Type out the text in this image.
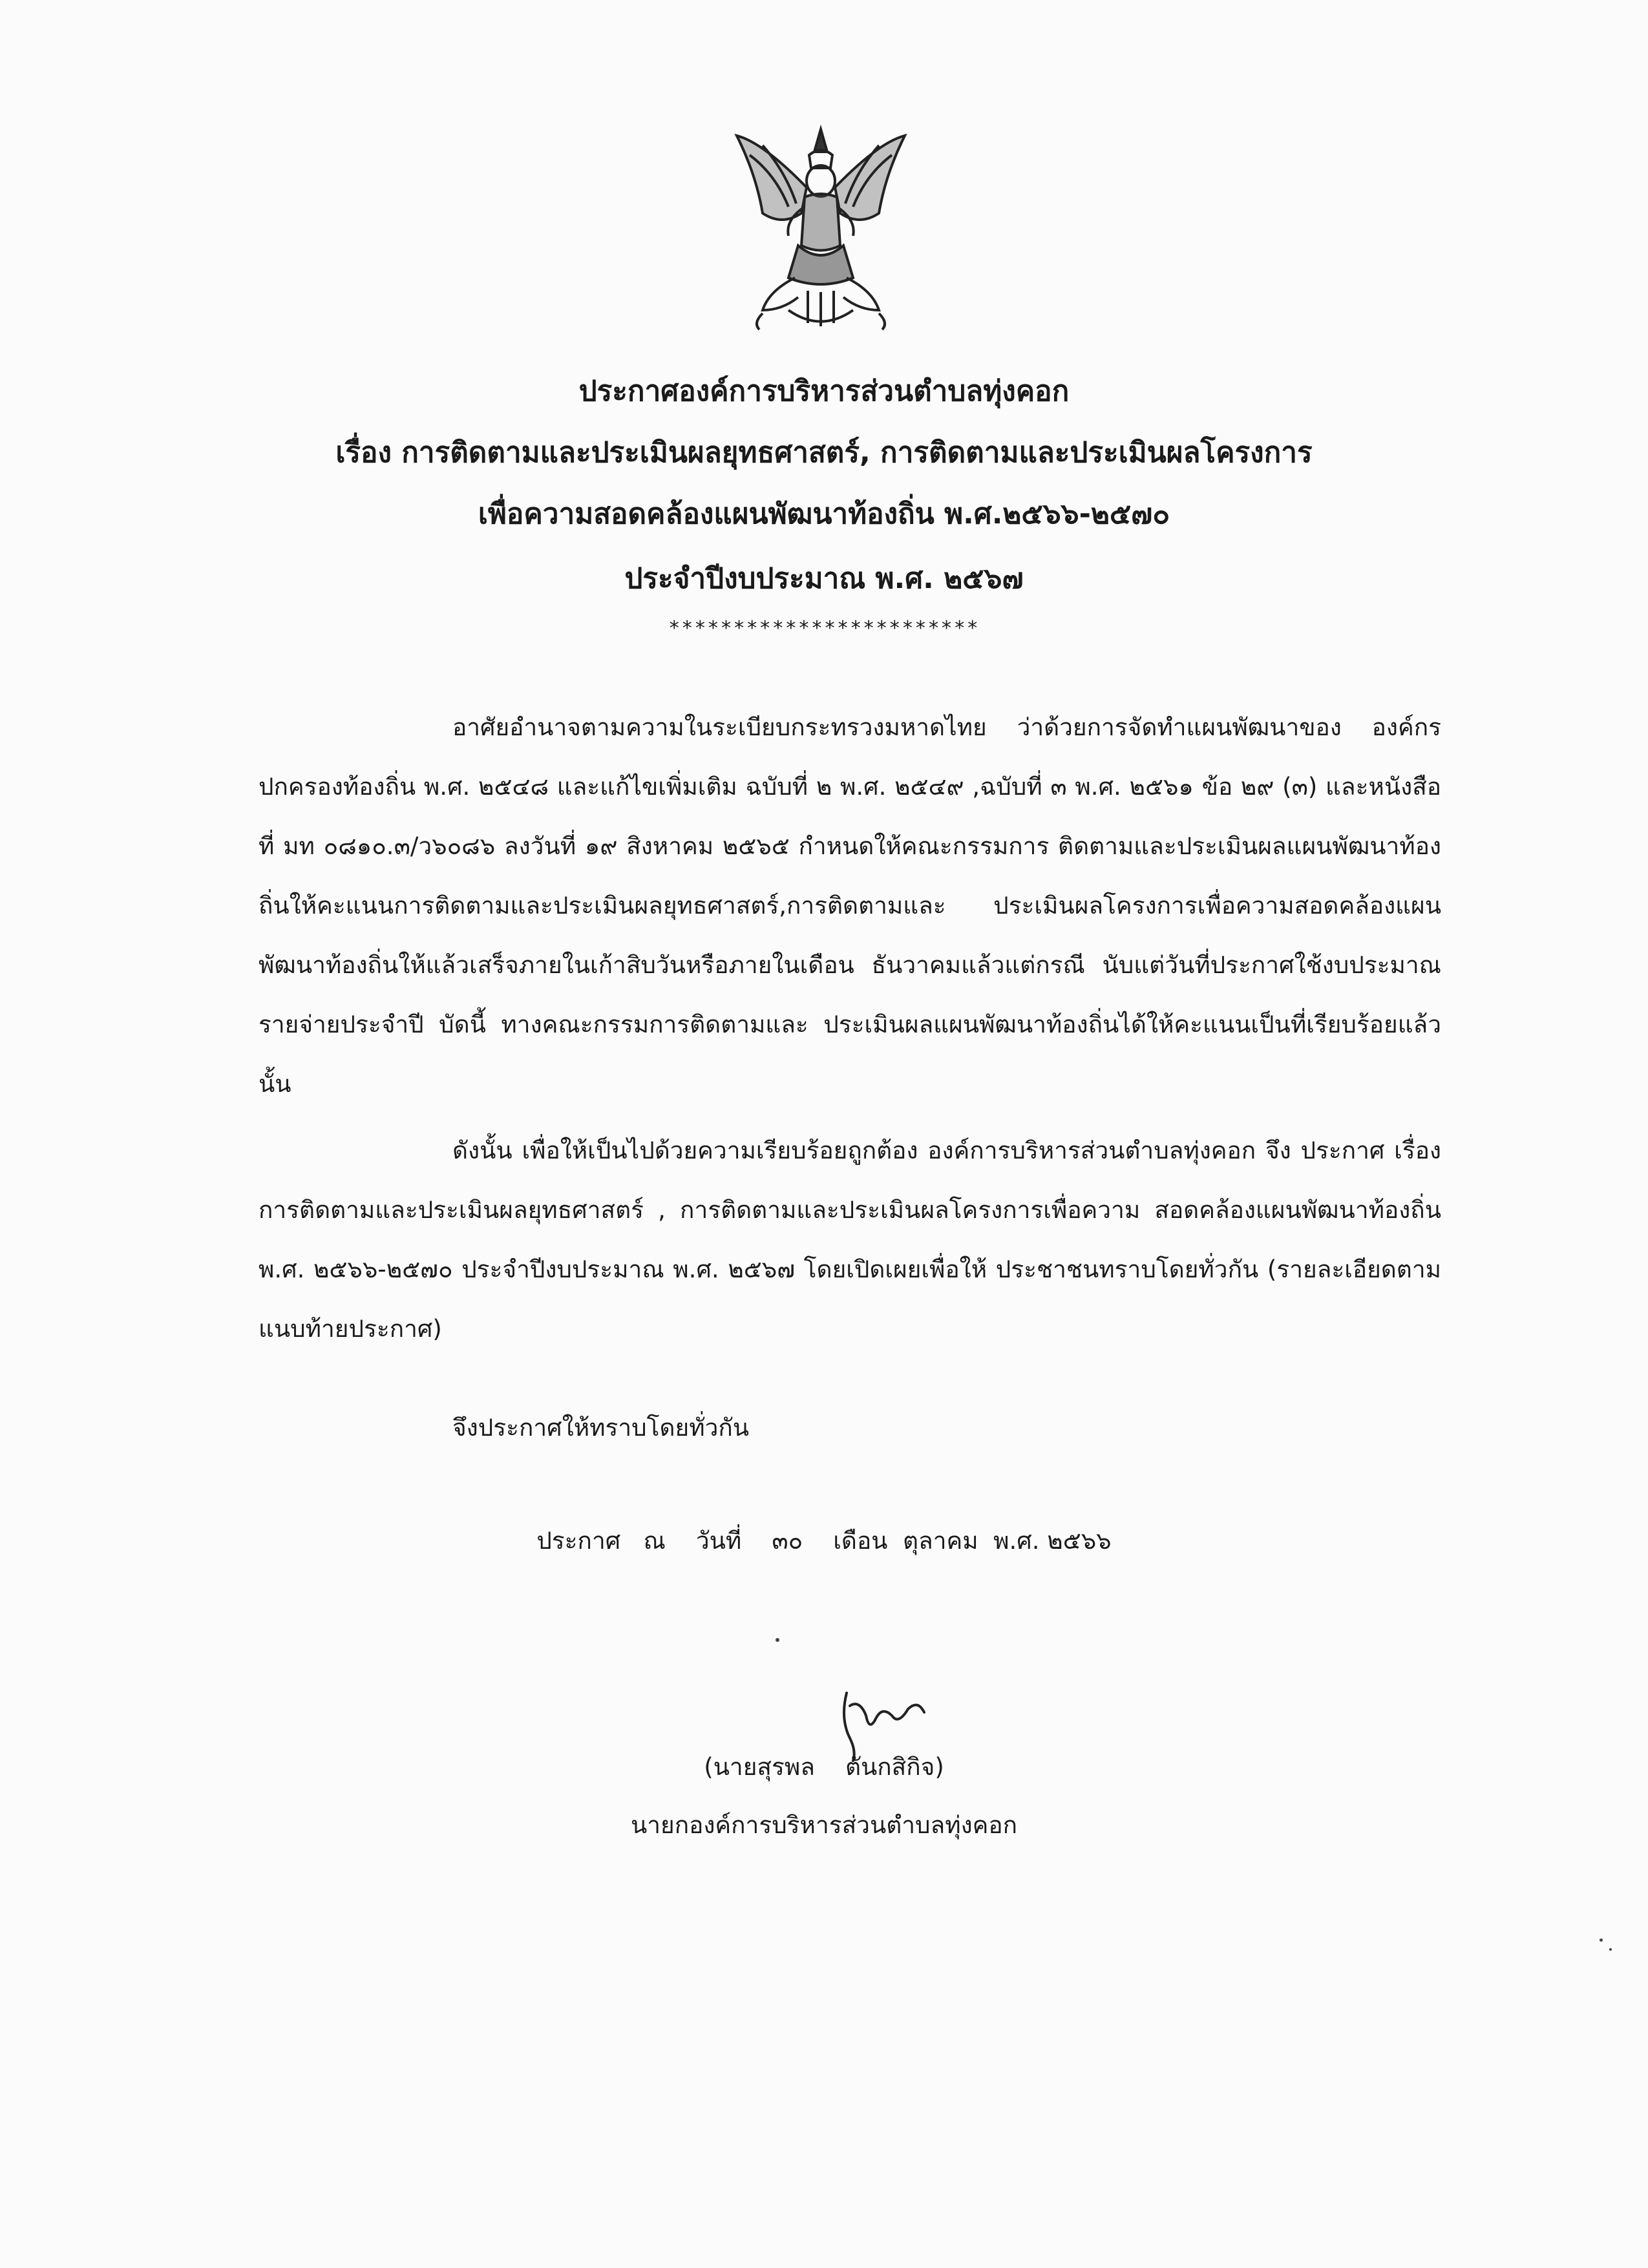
ประกาศองค์การบริหารส่วนตำบลทุ่งคอก
เรื่อง การติดตามและประเมินผลยุทธศาสตร์, การติดตามและประเมินผลโครงการ
เพื่อความสอดคล้องแผนพัฒนาท้องถิ่น พ.ศ.๒๕๖๖-๒๕๗๐
ประจำปีงบประมาณ พ.ศ. ๒๕๖๗
************************
อาศัยอำนาจตามความในระเบียบกระทรวงมหาดไทย ว่าด้วยการจัดทำแผนพัฒนาของ องค์กรปกครองท้องถิ่น พ.ศ. ๒๕๔๘ และแก้ไขเพิ่มเติม ฉบับที่ ๒ พ.ศ. ๒๕๔๙ ,ฉบับที่ ๓ พ.ศ. ๒๕๖๑ ข้อ ๒๙ (๓) และหนังสือที่ มท ๐๘๑๐.๓/ว๖๐๘๖ ลงวันที่ ๑๙ สิงหาคม ๒๕๖๕ กำหนดให้คณะกรรมการ ติดตามและประเมินผลแผนพัฒนาท้องถิ่นให้คะแนนการติดตามและประเมินผลยุทธศาสตร์,การติดตามและ ประเมินผลโครงการเพื่อความสอดคล้องแผนพัฒนาท้องถิ่นให้แล้วเสร็จภายในเก้าสิบวันหรือภายในเดือน ธันวาคมแล้วแต่กรณี นับแต่วันที่ประกาศใช้งบประมาณรายจ่ายประจำปี บัดนี้ ทางคณะกรรมการติดตามและ ประเมินผลแผนพัฒนาท้องถิ่นได้ให้คะแนนเป็นที่เรียบร้อยแล้ว นั้น
ดังนั้น เพื่อให้เป็นไปด้วยความเรียบร้อยถูกต้อง องค์การบริหารส่วนตำบลทุ่งคอก จึง ประกาศ เรื่อง การติดตามและประเมินผลยุทธศาสตร์ , การติดตามและประเมินผลโครงการเพื่อความ สอดคล้องแผนพัฒนาท้องถิ่น พ.ศ. ๒๕๖๖-๒๕๗๐ ประจำปีงบประมาณ พ.ศ. ๒๕๖๗ โดยเปิดเผยเพื่อให้ ประชาชนทราบโดยทั่วกัน (รายละเอียดตามแนบท้ายประกาศ)
จึงประกาศให้ทราบโดยทั่วกัน
ประกาศ   ณ    วันที่    ๓๐    เดือน  ตุลาคม  พ.ศ. ๒๕๖๖
(นายสุรพล    ตันกสิกิจ)
นายกองค์การบริหารส่วนตำบลทุ่งคอก
